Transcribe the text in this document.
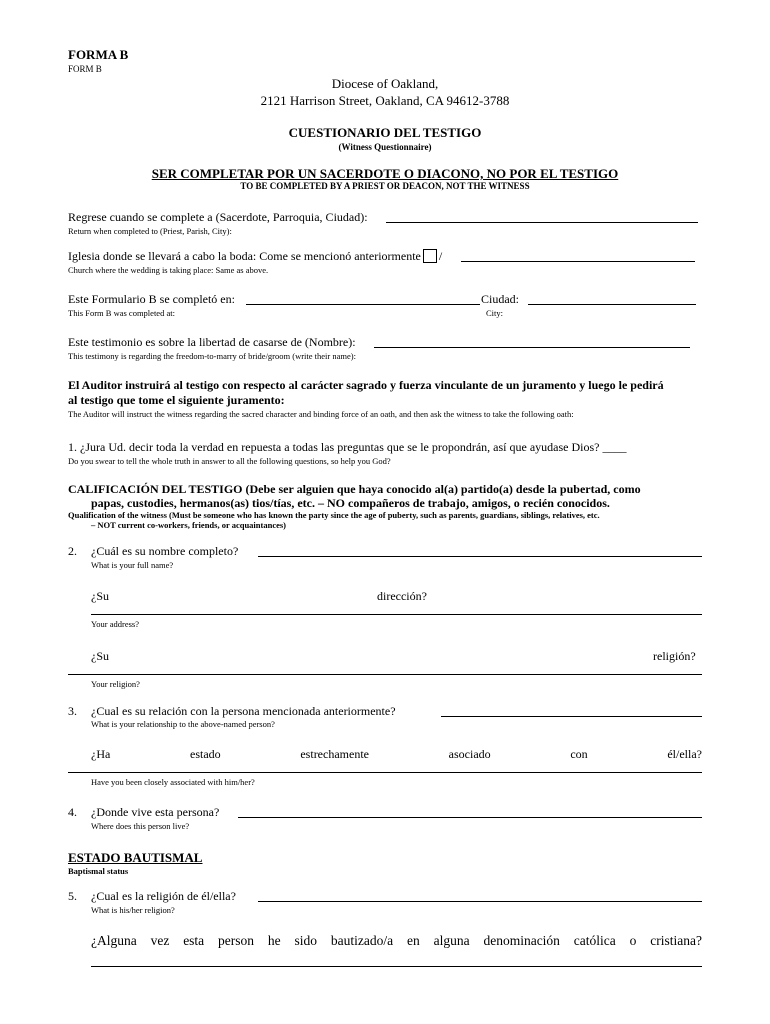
FORMA B
FORM B
Diocese of Oakland,
2121 Harrison Street, Oakland, CA 94612-3788
CUESTIONARIO DEL TESTIGO
(Witness Questionnaire)
SER COMPLETAR POR UN SACERDOTE O DIACONO, NO POR EL TESTIGO
TO BE COMPLETED BY A PRIEST OR DEACON, NOT THE WITNESS
Regrese cuando se complete a (Sacerdote, Parroquia, Ciudad):
Return when completed to (Priest, Parish, City):
Iglesia donde se llevará a cabo la boda: Come se mencionó anteriormente /
Church where the wedding is taking place: Same as above.
Este Formulario B se completó en:	Ciudad:
This Form B was completed at:	City:
Este testimonio es sobre la libertad de casarse de (Nombre):
This testimony is regarding the freedom-to-marry of bride/groom (write their name):
El Auditor instruirá al testigo con respecto al carácter sagrado y fuerza vinculante de un juramento y luego le pedirá
al testigo que tome el siguiente juramento:
The Auditor will instruct the witness regarding the sacred character and binding force of an oath, and then ask the witness to take the following oath:
1. ¿Jura Ud. decir toda la verdad en repuesta a todas las preguntas que se le propondrán, así que ayudase Dios? ____
Do you swear to tell the whole truth in answer to all the following questions, so help you God?
CALIFICACIÓN DEL TESTIGO (Debe ser alguien que haya conocido al(a) partido(a) desde la pubertad, como
papas, custodies, hermanos(as) tios/tías, etc. – NO compañeros de trabajo, amigos, o recién conocidos.
Qualification of the witness (Must be someone who has known the party since the age of puberty, such as parents, guardians, siblings, relatives, etc.
– NOT current co-workers, friends, or acquaintances)
2. ¿Cuál es su nombre completo?
What is your full name?
¿Su	dirección?
Your address?
¿Su	religión?
Your religion?
3. ¿Cual es su relación con la persona mencionada anteriormente?
What is your relationship to the above-named person?
¿Ha	estado	estrechamente	asociado	con	él/ella?
Have you been closely associated with him/her?
4. ¿Donde vive esta persona?
Where does this person live?
ESTADO BAUTISMAL
Baptismal status
5. ¿Cual es la religión de él/ella?
What is his/her religion?
¿Alguna vez esta person he sido bautizado/a en alguna denominación católica o cristiana?
